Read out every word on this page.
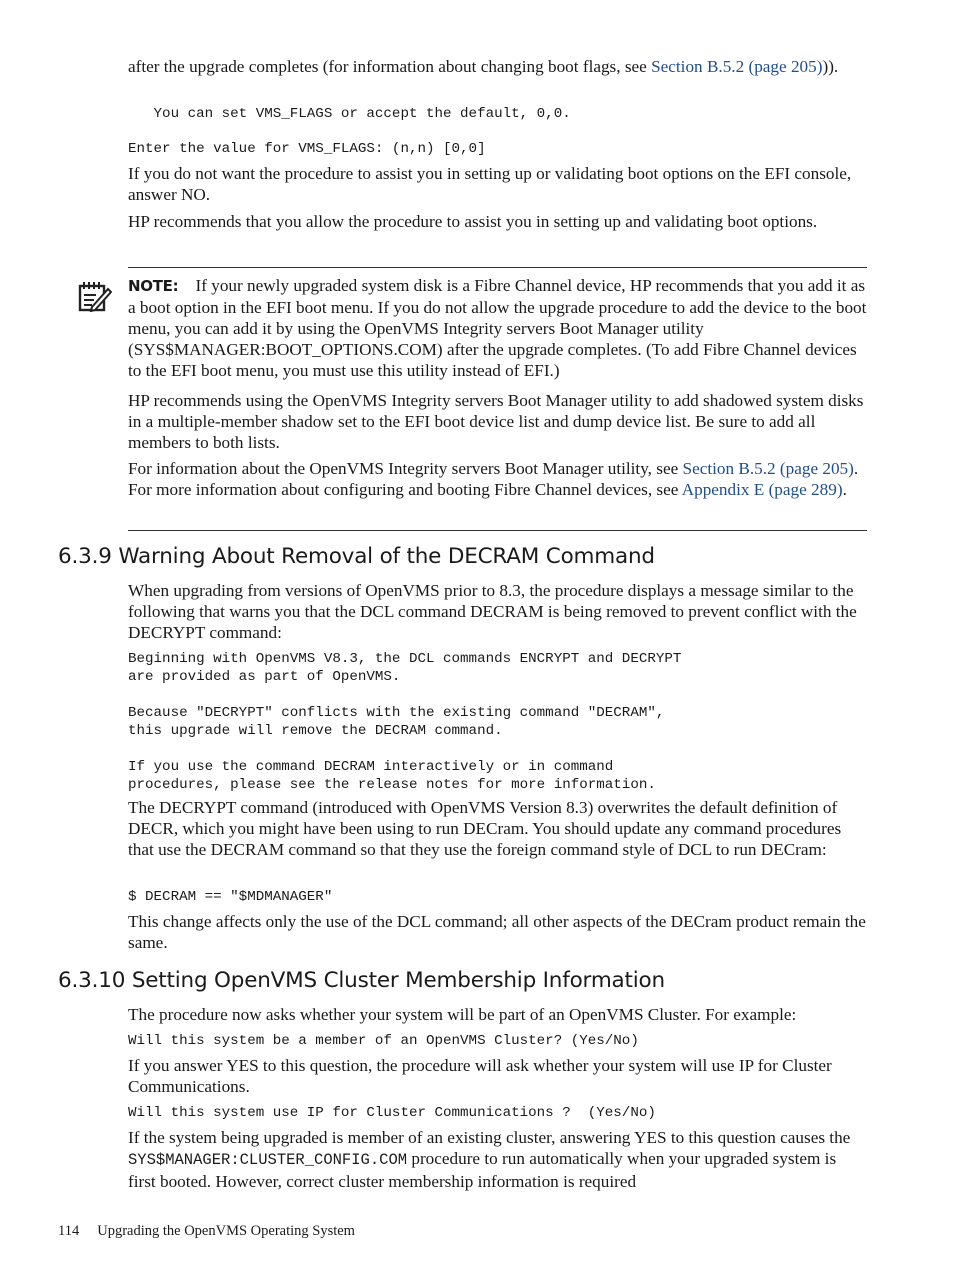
after the upgrade completes (for information about changing boot flags, see Section B.5.2 (page 205))).

You can set VMS_FLAGS or accept the default, 0,0.
Enter the value for VMS_FLAGS: (n,n) [0,0]

If you do not want the procedure to assist you in setting up or validating boot options on the EFI console, answer NO.

HP recommends that you allow the procedure to assist you in setting up and validating boot options.

NOTE: If your newly upgraded system disk is a Fibre Channel device, HP recommends that you add it as a boot option in the EFI boot menu. If you do not allow the upgrade procedure to add the device to the boot menu, you can add it by using the OpenVMS Integrity servers Boot Manager utility (SYS$MANAGER:BOOT_OPTIONS.COM) after the upgrade completes. (To add Fibre Channel devices to the EFI boot menu, you must use this utility instead of EFI.)

HP recommends using the OpenVMS Integrity servers Boot Manager utility to add shadowed system disks in a multiple-member shadow set to the EFI boot device list and dump device list. Be sure to add all members to both lists.

For information about the OpenVMS Integrity servers Boot Manager utility, see Section B.5.2 (page 205). For more information about configuring and booting Fibre Channel devices, see Appendix E (page 289).

6.3.9 Warning About Removal of the DECRAM Command

When upgrading from versions of OpenVMS prior to 8.3, the procedure displays a message similar to the following that warns you that the DCL command DECRAM is being removed to prevent conflict with the DECRYPT command:

Beginning with OpenVMS V8.3, the DCL commands ENCRYPT and DECRYPT
are provided as part of OpenVMS.

Because "DECRYPT" conflicts with the existing command "DECRAM",
this upgrade will remove the DECRAM command.

If you use the command DECRAM interactively or in command
procedures, please see the release notes for more information.

The DECRYPT command (introduced with OpenVMS Version 8.3) overwrites the default definition of DECR, which you might have been using to run DECram. You should update any command procedures that use the DECRAM command so that they use the foreign command style of DCL to run DECram:

$ DECRAM == "$MDMANAGER"

This change affects only the use of the DCL command; all other aspects of the DECram product remain the same.

6.3.10 Setting OpenVMS Cluster Membership Information

The procedure now asks whether your system will be part of an OpenVMS Cluster. For example:

Will this system be a member of an OpenVMS Cluster? (Yes/No)

If you answer YES to this question, the procedure will ask whether your system will use IP for Cluster Communications.

Will this system use IP for Cluster Communications ?  (Yes/No)

If the system being upgraded is member of an existing cluster, answering YES to this question causes the SYS$MANAGER:CLUSTER_CONFIG.COM procedure to run automatically when your upgraded system is first booted. However, correct cluster membership information is required

114 Upgrading the OpenVMS Operating System
